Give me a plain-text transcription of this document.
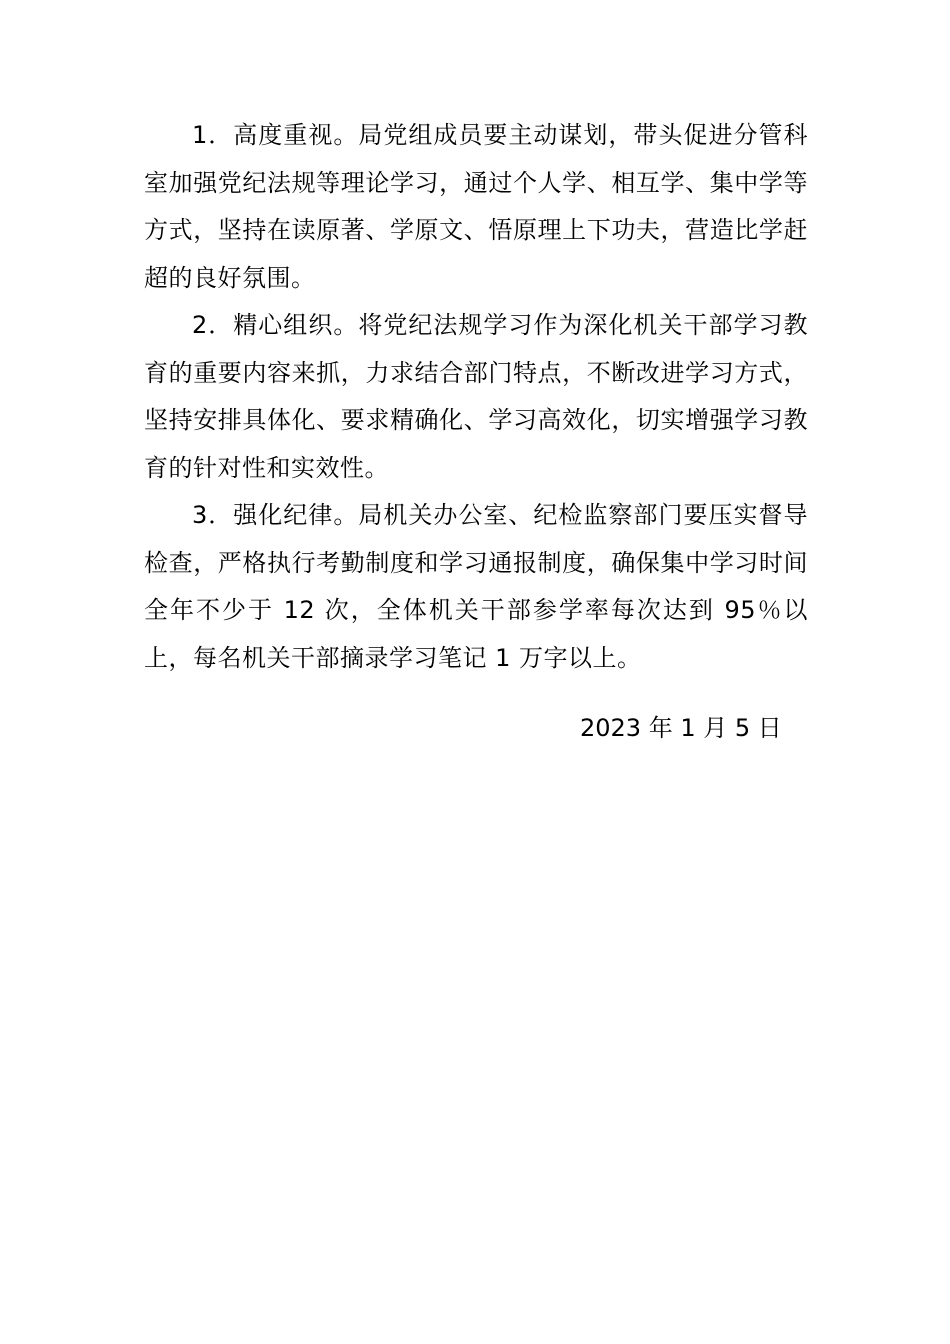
1．高度重视。局党组成员要主动谋划，带头促进分管科室加强党纪法规等理论学习，通过个人学、相互学、集中学等方式，坚持在读原著、学原文、悟原理上下功夫，营造比学赶超的良好氛围。

2．精心组织。将党纪法规学习作为深化机关干部学习教育的重要内容来抓，力求结合部门特点，不断改进学习方式，坚持安排具体化、要求精确化、学习高效化，切实增强学习教育的针对性和实效性。

3．强化纪律。局机关办公室、纪检监察部门要压实督导检查，严格执行考勤制度和学习通报制度，确保集中学习时间全年不少于 12 次，全体机关干部参学率每次达到 95％以上，每名机关干部摘录学习笔记 1 万字以上。

2023 年 1 月 5 日
